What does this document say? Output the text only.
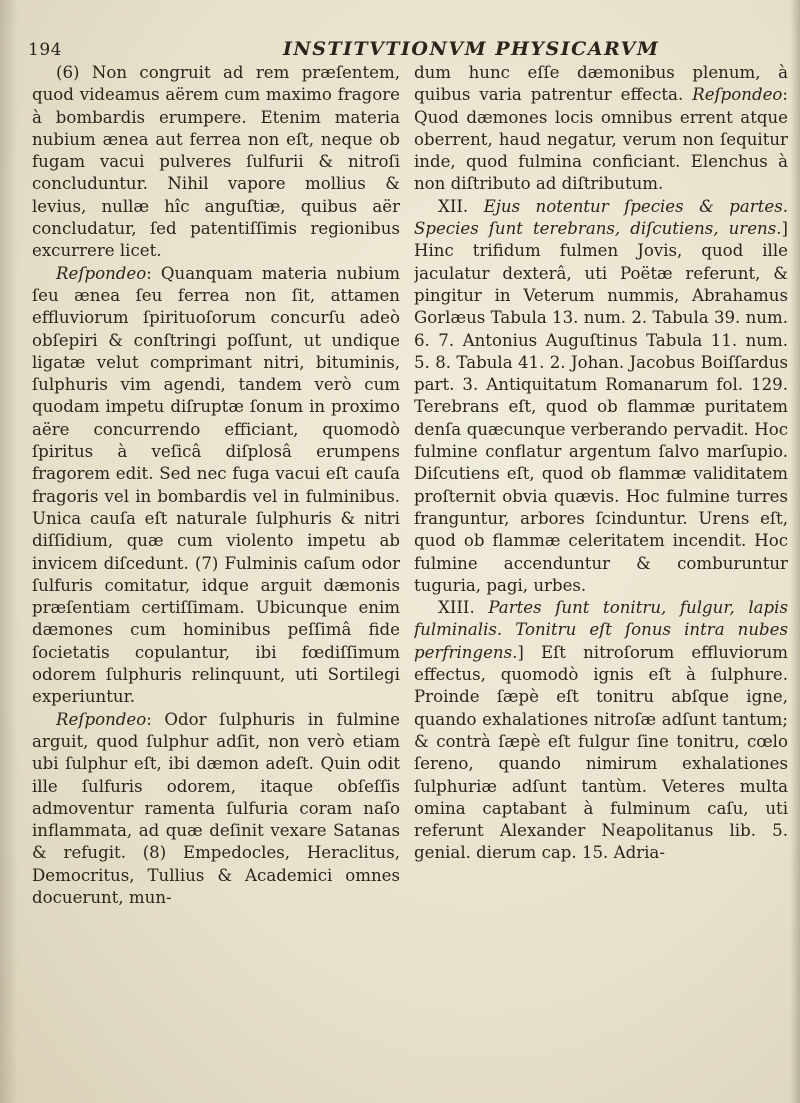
194	INSTITVTIONVM PHYSICARVM

(6) Non congruit ad rem præſentem, quod videamus aërem cum maximo fragore à bombardis erumpere. Etenim materia nubium ænea aut ferrea non eſt, neque ob fugam vacui pulveres ſulfurii & nitroſi concluduntur. Nihil vapore mollius & levius, nullæ hîc anguſtiæ, quibus aër concludatur, ſed patentiſſimis regionibus excurrere licet.

Reſpondeo: Quanquam materia nubium ſeu ænea ſeu ferrea non ſit, attamen effluviorum ſpirituoſorum concurſu adeò obſepiri & conſtringi poſſunt, ut undique ligatæ velut comprimant nitri, bituminis, ſulphuris vim agendi, tandem verò cum quodam impetu diſruptæ ſonum in proximo aëre concurrendo efficiant, quomodò ſpiritus à veſicâ diſplosâ erumpens fragorem edit. Sed nec fuga vacui eſt cauſa fragoris vel in bombardis vel in fulminibus. Unica cauſa eſt naturale ſulphuris & nitri diſſidium, quæ cum violento impetu ab invicem diſcedunt. (7) Fulminis caſum odor ſulfuris comitatur, idque arguit dæmonis præſentiam certiſſimam. Ubicunque enim dæmones cum hominibus peſſimâ fide ſocietatis copulantur, ibi fœdiſſimum odorem ſulphuris relinquunt, uti Sortilegi experiuntur.

Reſpondeo: Odor ſulphuris in fulmine arguit, quod ſulphur adſit, non verò etiam ubi ſulphur eſt, ibi dæmon adeſt. Quin odit ille ſulfuris odorem, itaque obſeſſis admoventur ramenta ſulfuria coram naſo inflammata, ad quæ deſinit vexare Satanas & refugit. (8) Empedocles, Heraclitus, Democritus, Tullius & Academici omnes docuerunt, mun-

dum hunc eſſe dæmonibus plenum, à quibus varia patrentur effecta. Reſpondeo: Quod dæmones locis omnibus errent atque oberrent, haud negatur, verum non ſequitur inde, quod fulmina conficiant. Elenchus à non diſtributo ad diſtributum.

XII. Ejus notentur ſpecies & partes. Species ſunt terebrans, diſcutiens, urens.] Hinc trifidum fulmen Jovis, quod ille jaculatur dexterâ, uti Poëtæ referunt, & pingitur in Veterum nummis, Abrahamus Gorlæus Tabula 13. num. 2. Tabula 39. num. 6. 7. Antonius Auguſtinus Tabula 11. num. 5. 8. Tabula 41. 2. Johan. Jacobus Boiſſardus part. 3. Antiquitatum Romanarum fol. 129. Terebrans eſt, quod ob flammæ puritatem denſa quæcunque verberando pervadit. Hoc fulmine conflatur argentum ſalvo marſupio. Diſcutiens eſt, quod ob flammæ validitatem proſternit obvia quævis. Hoc fulmine turres franguntur, arbores ſcinduntur. Urens eſt, quod ob flammæ celeritatem incendit. Hoc fulmine accenduntur & comburuntur tuguria, pagi, urbes.

XIII. Partes ſunt tonitru, fulgur, lapis fulminalis. Tonitru eſt ſonus intra nubes perfringens.] Eſt nitroſorum effluviorum effectus, quomodò ignis eſt à ſulphure. Proinde ſæpè eſt tonitru abſque igne, quando exhalationes nitroſæ adſunt tantum; & contrà ſæpè eſt fulgur ſine tonitru, cœlo ſereno, quando nimirum exhalationes ſulphuriæ adſunt tantùm. Veteres multa omina captabant à fulminum caſu, uti referunt Alexander Neapolitanus lib. 5. genial. dierum cap. 15. Adria-
